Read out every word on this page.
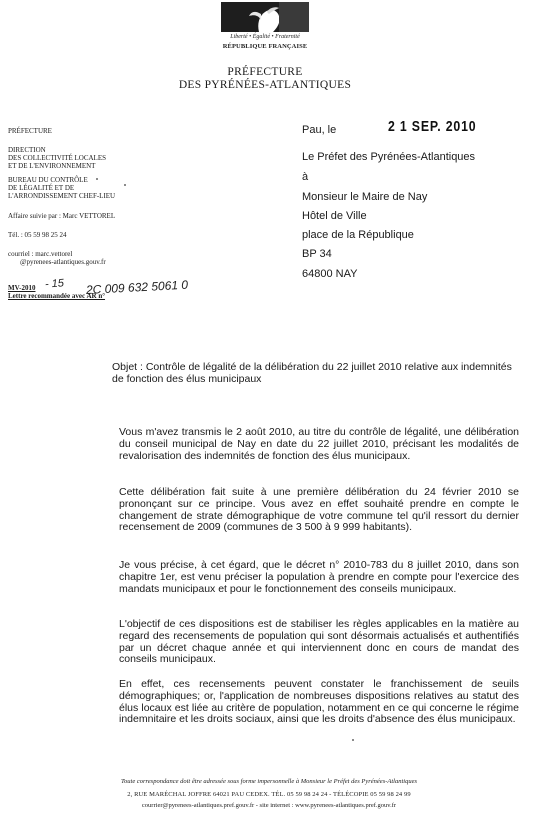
Liberté • Égalité • Fraternité
RÉPUBLIQUE FRANÇAISE
PRÉFECTURE
DES PYRÉNÉES-ATLANTIQUES
PRÉFECTURE
DIRECTION
DES COLLECTIVITÉ LOCALES
ET DE L'ENVIRONNEMENT
BUREAU DU CONTRÔLE
DE LÉGALITÉ ET DE
L'ARRONDISSEMENT CHEF-LIEU
Affaire suivie par : Marc VETTOREL
Tél. : 05 59 98 25 24
courriel : marc.vettorel
@pyrenees-atlantiques.gouv.fr
MV-2010 - 15
Lettre recommandée avec AR n°
2C 009 632 5061 0
Pau, le	2 1 SEP. 2010
Le Préfet des Pyrénées-Atlantiques
à
Monsieur le Maire de Nay
Hôtel de Ville
place de la République
BP 34
64800 NAY
Objet : Contrôle de légalité de la délibération du 22 juillet 2010 relative aux indemnités de fonction des élus municipaux
Vous m'avez transmis le 2 août 2010, au titre du contrôle de légalité, une délibération du conseil municipal de Nay en date du 22 juillet 2010, précisant les modalités de revalorisation des indemnités de fonction des élus municipaux.
Cette délibération fait suite à une première délibération du 24 février 2010 se prononçant sur ce principe. Vous avez en effet souhaité prendre en compte le changement de strate démographique de votre commune tel qu'il ressort du dernier recensement de 2009 (communes de 3 500 à 9 999 habitants).
Je vous précise, à cet égard, que le décret n° 2010-783 du 8 juillet 2010, dans son chapitre 1er, est venu préciser la population à prendre en compte pour l'exercice des mandats municipaux et pour le fonctionnement des conseils municipaux.
L'objectif de ces dispositions est de stabiliser les règles applicables en la matière au regard des recensements de population qui sont désormais actualisés et authentifiés par un décret chaque année et qui interviennent donc en cours de mandat des conseils municipaux.
En effet, ces recensements peuvent constater le franchissement de seuils démographiques; or, l'application de nombreuses dispositions relatives au statut des élus locaux est liée au critère de population, notamment en ce qui concerne le régime indemnitaire et les droits sociaux, ainsi que les droits d'absence des élus municipaux.
Toute correspondance doit être adressée sous forme impersonnelle à Monsieur le Préfet des Pyrénées-Atlantiques
2, RUE MARÉCHAL JOFFRE 64021 PAU CEDEX. TÉL. 05 59 98 24 24 - TÉLÉCOPIE 05 59 98 24 99
courrier@pyrenees-atlantiques.pref.gouv.fr - site internet : www.pyrenees-atlantiques.pref.gouv.fr
